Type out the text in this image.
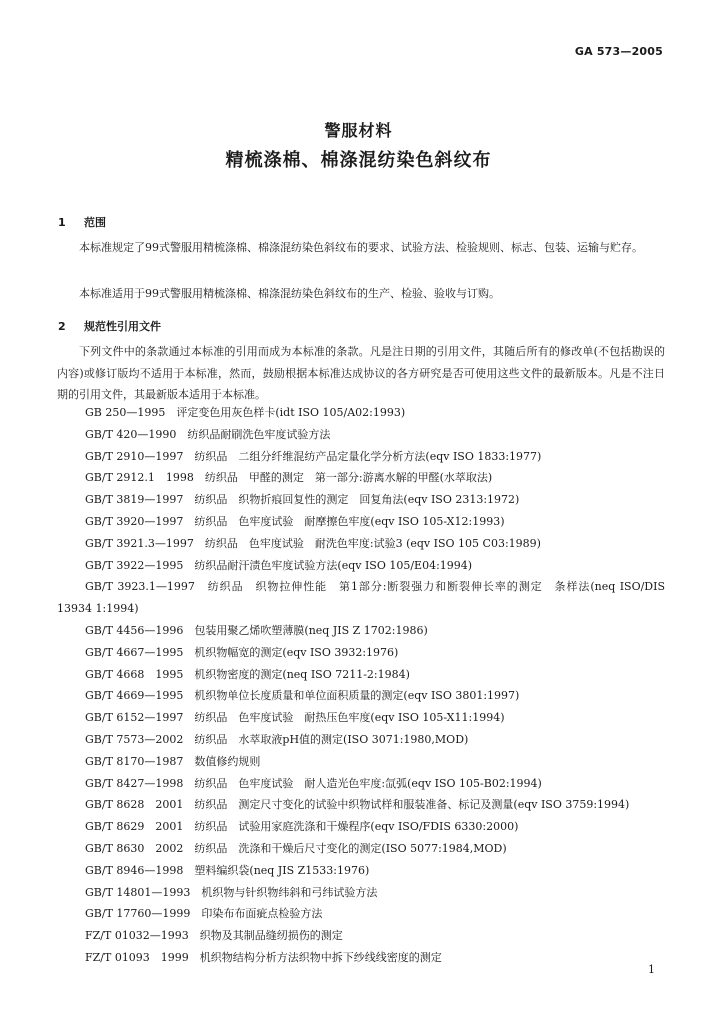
GA 573—2005
警服材料
精梳涤棉、棉涤混纺染色斜纹布
1 范围
本标准规定了99式警服用精梳涤棉、棉涤混纺染色斜纹布的要求、试验方法、检验规则、标志、包装、运输与贮存。
本标准适用于99式警服用精梳涤棉、棉涤混纺染色斜纹布的生产、检验、验收与订购。
2 规范性引用文件
下列文件中的条款通过本标准的引用而成为本标准的条款。凡是注日期的引用文件，其随后所有的修改单(不包括勘误的内容)或修订版均不适用于本标准，然而，鼓励根据本标准达成协议的各方研究是否可使用这些文件的最新版本。凡是不注日期的引用文件，其最新版本适用于本标准。
GB 250—1995　评定变色用灰色样卡(idt ISO 105/A02:1993)
GB/T 420—1990　纺织品耐刷洗色牢度试验方法
GB/T 2910—1997　纺织品　二组分纤维混纺产品定量化学分析方法(eqv ISO 1833:1977)
GB/T 2912.1　1998　纺织品　甲醛的测定　第一部分:游离水解的甲醛(水萃取法)
GB/T 3819—1997　纺织品　织物折痕回复性的测定　回复角法(eqv ISO 2313:1972)
GB/T 3920—1997　纺织品　色牢度试验　耐摩擦色牢度(eqv ISO 105-X12:1993)
GB/T 3921.3—1997　纺织品　色牢度试验　耐洗色牢度:试验3 (eqv ISO 105 C03:1989)
GB/T 3922—1995　纺织品耐汗渍色牢度试验方法(eqv ISO 105/E04:1994)
GB/T 3923.1—1997　纺织品　织物拉伸性能　第1部分:断裂强力和断裂伸长率的测定　条样法(neq ISO/DIS 13934 1:1994)
GB/T 4456—1996　包装用聚乙烯吹塑薄膜(neq JIS Z 1702:1986)
GB/T 4667—1995　机织物幅宽的测定(eqv ISO 3932:1976)
GB/T 4668　1995　机织物密度的测定(neq ISO 7211-2:1984)
GB/T 4669—1995　机织物单位长度质量和单位面积质量的测定(eqv ISO 3801:1997)
GB/T 6152—1997　纺织品　色牢度试验　耐热压色牢度(eqv ISO 105-X11:1994)
GB/T 7573—2002　纺织品　水萃取液pH值的测定(ISO 3071:1980,MOD)
GB/T 8170—1987　数值修约规则
GB/T 8427—1998　纺织品　色牢度试验　耐人造光色牢度:氙弧(eqv ISO 105-B02:1994)
GB/T 8628　2001　纺织品　测定尺寸变化的试验中织物试样和服装准备、标记及测量(eqv ISO 3759:1994)
GB/T 8629　2001　纺织品　试验用家庭洗涤和干燥程序(eqv ISO/FDIS 6330:2000)
GB/T 8630　2002　纺织品　洗涤和干燥后尺寸变化的测定(ISO 5077:1984,MOD)
GB/T 8946—1998　塑料编织袋(neq JIS Z1533:1976)
GB/T 14801—1993　机织物与针织物纬斜和弓纬试验方法
GB/T 17760—1999　印染布布面疵点检验方法
FZ/T 01032—1993　织物及其制品缝纫损伤的测定
FZ/T 01093　1999　机织物结构分析方法织物中拆下纱线线密度的测定
1
